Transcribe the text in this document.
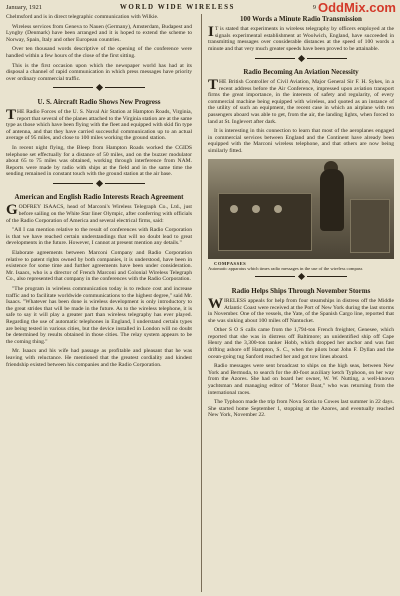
January, 1921	WORLD WIDE WIRELESS	9 OddMix.com

Chelmsford and is in direct telegraphic communication with Wilkie.

Wireless services from Geneva to Nauen (Germany), Amsterdam, Budapest and Lyngby (Denmark) have been arranged and it is hoped to extend the scheme to Norway, Spain, Italy and other European countries.

Over ten thousand words descriptive of the opening of the conference were handled within a few hours of the close of the first sitting.

This is the first occasion upon which the newspaper world has had at its disposal a channel of rapid communication in which press messages have priority over ordinary commercial traffic.

U. S. Aircraft Radio Shows New Progress

THE Radio Forces of the U. S. Naval Air Station at Hampton Roads, Virginia, report that several of the planes attached to the Virginia station are at the same type as those which have been flying with the fleet and equipped with skid fin type of antenna, and that they have carried successful communication up to an actual average of 95 miles, and close to 100 miles working the ground station.

In recent night flying, the Bleep from Hampton Roads worked the CGIDS telephone set effectually for a distance of 50 miles, and on the buzzer modulator about 65 to 75 miles was obtained, working through interference from NAM. Reports were made by radio with ships at the field and in the same time the sending remained in constant touch with the ground station at the air base.

American and English Radio Interests Reach Agreement

GODFREY ISAACS, head of Marconi's Wireless Telegraph Co., Ltd., just before sailing on the White Star liner Olympic, after conferring with officials of the Radio Corporation of America and several electrical firms, said:

"All I can mention relative to the result of conferences with Radio Corporation is that we have reached certain understandings that will no doubt lead to great developments in the future. However, I cannot at present mention any details."

Elaborate agreements between Marconi Company and Radio Corporation relative to patent rights owned by both companies, it is understood, have been in existence for some time and further agreements have been under consideration. Mr. Isaacs, who is a director of French Marconi and Colonial Wireless Telegraph Co., also represented that company in the conferences with the Radio Corporation.

"The program in wireless communication today is to reduce cost and increase traffic and to facilitate worldwide communications to the highest degree," said Mr. Isaacs. "Whatever has been done is wireless development is only introductory to the great strides that will be made in the future. As to the wireless telephone, it is safe to say it will play a greater part than wireless telegraphy has ever played. Regarding the use of automatic telephones in England, I understand certain types are being tested in various cities, but the device installed in London will no doubt be determined by results obtained in those cities. The relay system appears to be the coming thing."

Mr. Isaacs and his wife had passage as profitable and pleasant that he was leaving with reluctance. He mentioned that the greatest cordiality and kindest friendship existed between his companies and the Radio Corporation.

100 Words a Minute Radio Transmission

I T is stated that experiments in wireless telegraphy by officers employed at the signals experimental establishment at Woolwich, England, have succeeded in transmitting messages over considerable distances at the speed of 100 words a minute and that very much greater speeds have been proved to be attainable.

Radio Becoming An Aviation Necessity

THE British Controller of Civil Aviation, Major General Sir F. H. Sykes, in a recent address before the Air Conference, impressed upon aviation transport firms the great importance, in the interests of safety and regularity, of every commercial machine being equipped with wireless, and quoted as an instance of the utility of such an equipment, the recent case in which an airplane with ten passengers aboard was able to get, from the air, the landing lights, when forced to land at St. Inglevert after dark.

It is interesting in this connection to learn that most of the aeroplanes engaged in commercial services between England and the Continent have already been equipped with the Marconi wireless telephone, and that others are now being similarly fitted.

COMPASSES
Automatic apparatus which times radio messages in the use of the wireless compass

Radio Helps Ships Through November Storms

WIRELESS appeals for help from four steamships in distress off the Middle Atlantic Coast were received at the Port of New York during the last storms in November. One of the vessels, the Yate, of the Spanish Cargo line, reported that she was sinking about 100 miles off Nantucket.

Other S O S calls came from the 1,794-ton French freighter, Genesee, which reported that she was in distress off Baltimore; an unidentified ship off Cape Henry and the 3,300-ton tanker Hobb, which dropped her anchor and was fast drifting ashore off Hampton, S. C., when the pilots boat John F. Dyllan and the ocean-going tug Sanford reached her and got tow lines aboard.

Radio messages were sent broadcast to ships on the high seas, between New York and Bermuda, to search for the 40-foot auxiliary ketch Typhoon, on her way from the Azores. She had on board her owner, W. W. Nutting, a well-known yachtsman and managing editor of "Motor Boat," who was returning from the international races.

The Typhoon made the trip from Nova Scotia to Cowes last summer in 22 days. She started home September 1, stopping at the Azores, and eventually reached New York, November 22.
